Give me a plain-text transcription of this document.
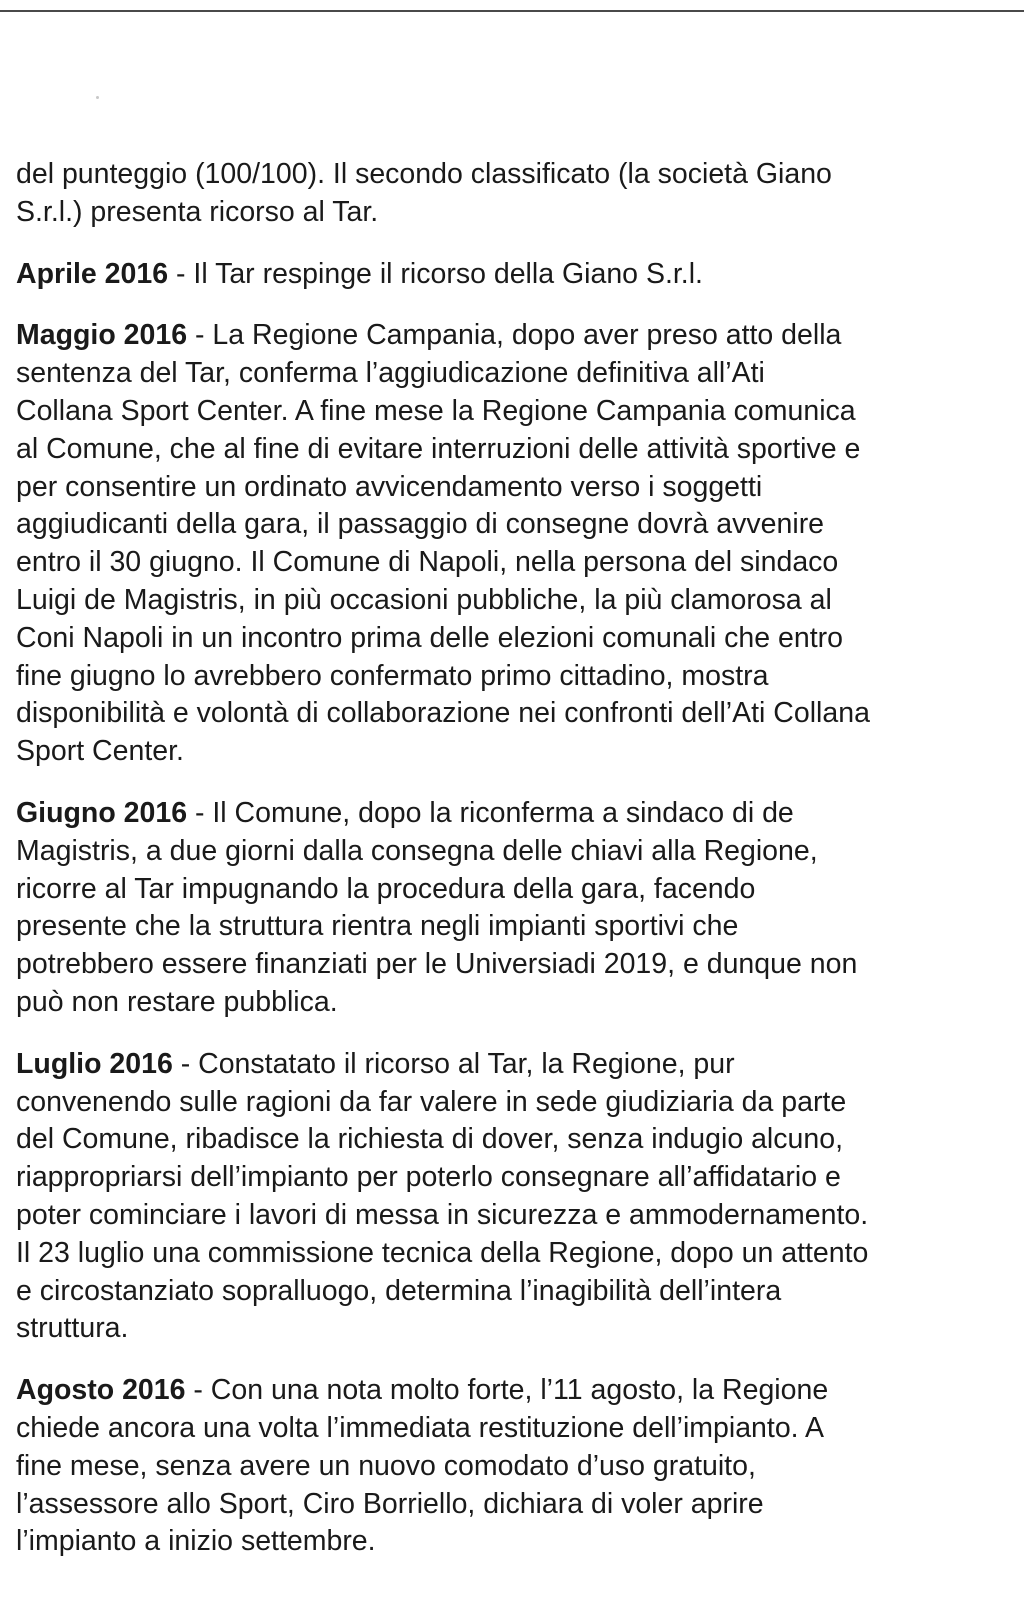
del punteggio (100/100). Il secondo classificato (la società Giano
S.r.l.) presenta ricorso al Tar.

Aprile 2016 - Il Tar respinge il ricorso della Giano S.r.l.

Maggio 2016 - La Regione Campania, dopo aver preso atto della
sentenza del Tar, conferma l’aggiudicazione definitiva all’Ati
Collana Sport Center. A fine mese la Regione Campania comunica
al Comune, che al fine di evitare interruzioni delle attività sportive e
per consentire un ordinato avvicendamento verso i soggetti
aggiudicanti della gara, il passaggio di consegne dovrà avvenire
entro il 30 giugno. Il Comune di Napoli, nella persona del sindaco
Luigi de Magistris, in più occasioni pubbliche, la più clamorosa al
Coni Napoli in un incontro prima delle elezioni comunali che entro
fine giugno lo avrebbero confermato primo cittadino, mostra
disponibilità e volontà di collaborazione nei confronti dell’Ati Collana
Sport Center.

Giugno 2016 - Il Comune, dopo la riconferma a sindaco di de
Magistris, a due giorni dalla consegna delle chiavi alla Regione,
ricorre al Tar impugnando la procedura della gara, facendo
presente che la struttura rientra negli impianti sportivi che
potrebbero essere finanziati per le Universiadi 2019, e dunque non
può non restare pubblica.

Luglio 2016 - Constatato il ricorso al Tar, la Regione, pur
convenendo sulle ragioni da far valere in sede giudiziaria da parte
del Comune, ribadisce la richiesta di dover, senza indugio alcuno,
riappropriarsi dell’impianto per poterlo consegnare all’affidatario e
poter cominciare i lavori di messa in sicurezza e ammodernamento.
Il 23 luglio una commissione tecnica della Regione, dopo un attento
e circostanziato sopralluogo, determina l’inagibilità dell’intera
struttura.

Agosto 2016 - Con una nota molto forte, l’11 agosto, la Regione
chiede ancora una volta l’immediata restituzione dell’impianto. A
fine mese, senza avere un nuovo comodato d’uso gratuito,
l’assessore allo Sport, Ciro Borriello, dichiara di voler aprire
l’impianto a inizio settembre.
